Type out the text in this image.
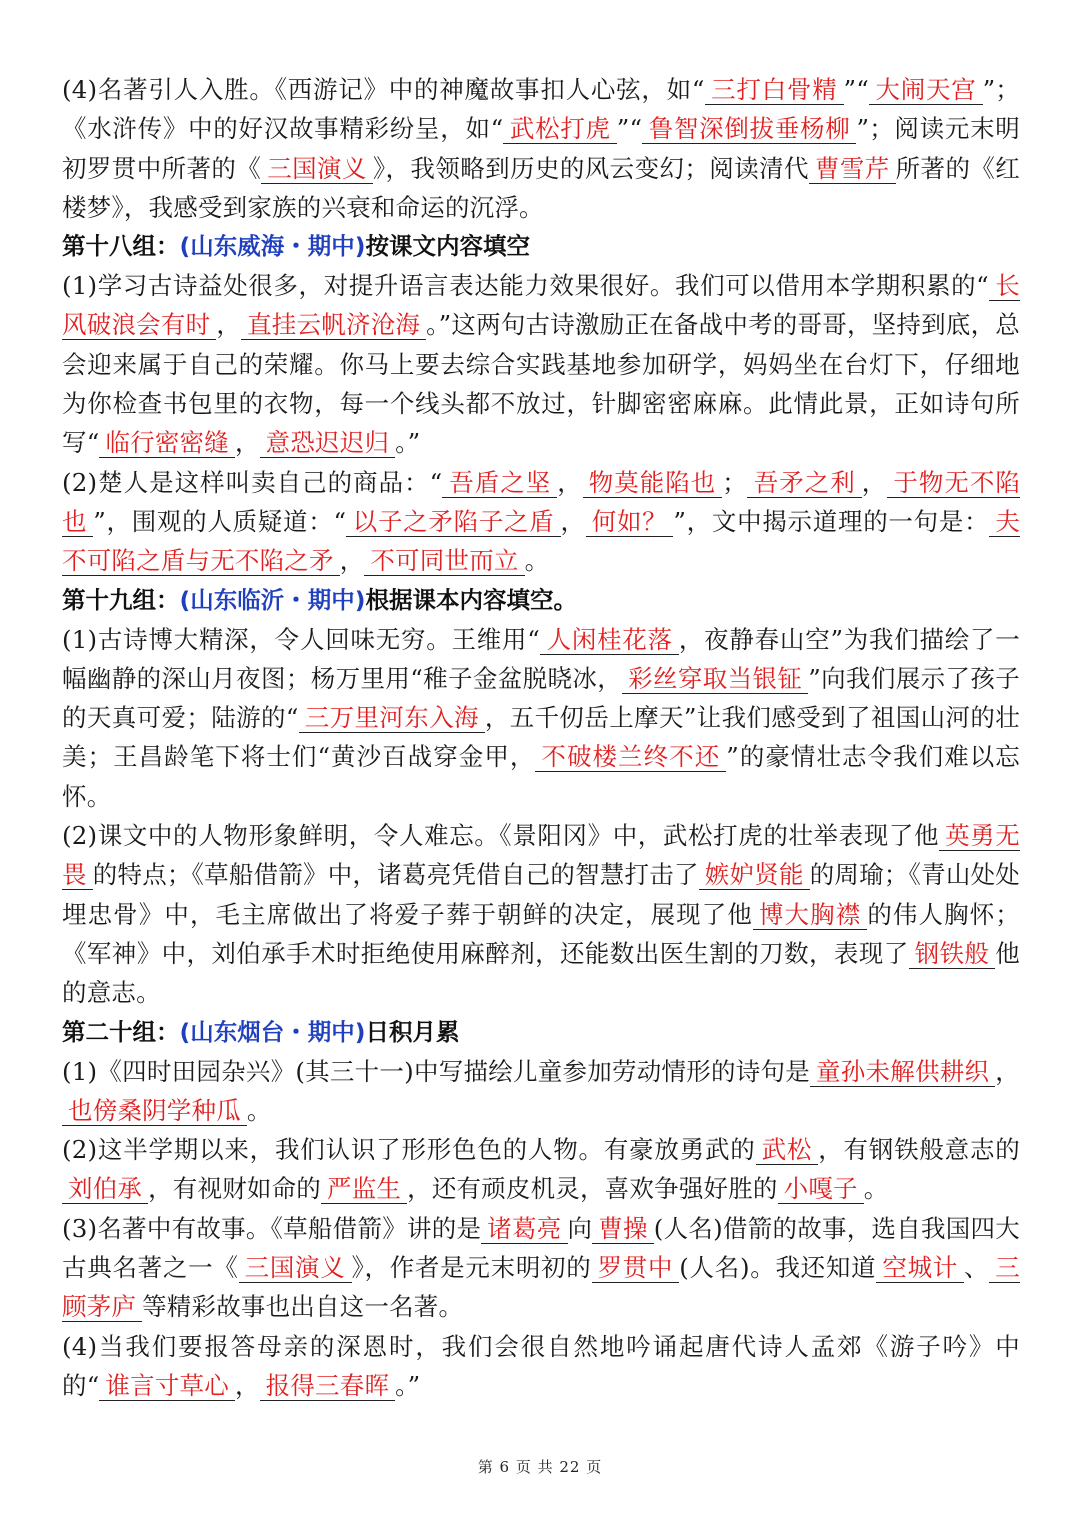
(4)名著引人入胜。《西游记》中的神魔故事扣人心弦，如“ 三打白骨精 ”“ 大闹天宫 ”；《水浒传》中的好汉故事精彩纷呈，如“ 武松打虎 ”“ 鲁智深倒拔垂杨柳 ”；阅读元末明初罗贯中所著的《 三国演义 》，我领略到历史的风云变幻；阅读清代 曹雪芹 所著的《红楼梦》，我感受到家族的兴衰和命运的沉浮。

第十八组：(山东威海・期中)按课文内容填空

(1)学习古诗益处很多，对提升语言表达能力效果很好。我们可以借用本学期积累的“ 长风破浪会有时 ， 直挂云帆济沧海 。”这两句古诗激励正在备战中考的哥哥，坚持到底，总会迎来属于自己的荣耀。你马上要去综合实践基地参加研学，妈妈坐在台灯下，仔细地为你检查书包里的衣物，每一个线头都不放过，针脚密密麻麻。此情此景，正如诗句所写“ 临行密密缝 ， 意恐迟迟归 。”

(2)楚人是这样叫卖自己的商品：“ 吾盾之坚 ， 物莫能陷也 ； 吾矛之利 ， 于物无不陷也 ”，围观的人质疑道：“ 以子之矛陷子之盾 ， 何如？ ”，文中揭示道理的一句是： 夫不可陷之盾与无不陷之矛 ， 不可同世而立 。

第十九组：(山东临沂・期中)根据课本内容填空。

(1)古诗博大精深，令人回味无穷。王维用“ 人闲桂花落 ，夜静春山空”为我们描绘了一幅幽静的深山月夜图；杨万里用“稚子金盆脱晓冰， 彩丝穿取当银钲 ”向我们展示了孩子的天真可爱；陆游的“ 三万里河东入海 ，五千仞岳上摩天”让我们感受到了祖国山河的壮美；王昌龄笔下将士们“黄沙百战穿金甲， 不破楼兰终不还 ”的豪情壮志令我们难以忘怀。

(2)课文中的人物形象鲜明，令人难忘。《景阳冈》中，武松打虎的壮举表现了他 英勇无畏 的特点；《草船借箭》中，诸葛亮凭借自己的智慧打击了 嫉妒贤能 的周瑜；《青山处处埋忠骨》中，毛主席做出了将爱子葬于朝鲜的决定，展现了他 博大胸襟 的伟人胸怀；《军神》中，刘伯承手术时拒绝使用麻醉剂，还能数出医生割的刀数，表现了 钢铁般 他的意志。

第二十组：(山东烟台・期中)日积月累

(1)《四时田园杂兴》(其三十一)中写描绘儿童参加劳动情形的诗句是 童孙未解供耕织 ，也傍桑阴学种瓜 。

(2)这半学期以来，我们认识了形形色色的人物。有豪放勇武的 武松 ，有钢铁般意志的刘伯承 ，有视财如命的 严监生 ，还有顽皮机灵，喜欢争强好胜的 小嘎子 。

(3)名著中有故事。《草船借箭》讲的是 诸葛亮 向 曹操 (人名)借箭的故事，选自我国四大古典名著之一《 三国演义 》，作者是元末明初的 罗贯中 (人名)。我还知道 空城计 、 三顾茅庐 等精彩故事也出自这一名著。

(4)当我们要报答母亲的深恩时，我们会很自然地吟诵起唐代诗人孟郊《游子吟》中的“ 谁言寸草心 ， 报得三春晖 。”

第 6 页 共 22 页
